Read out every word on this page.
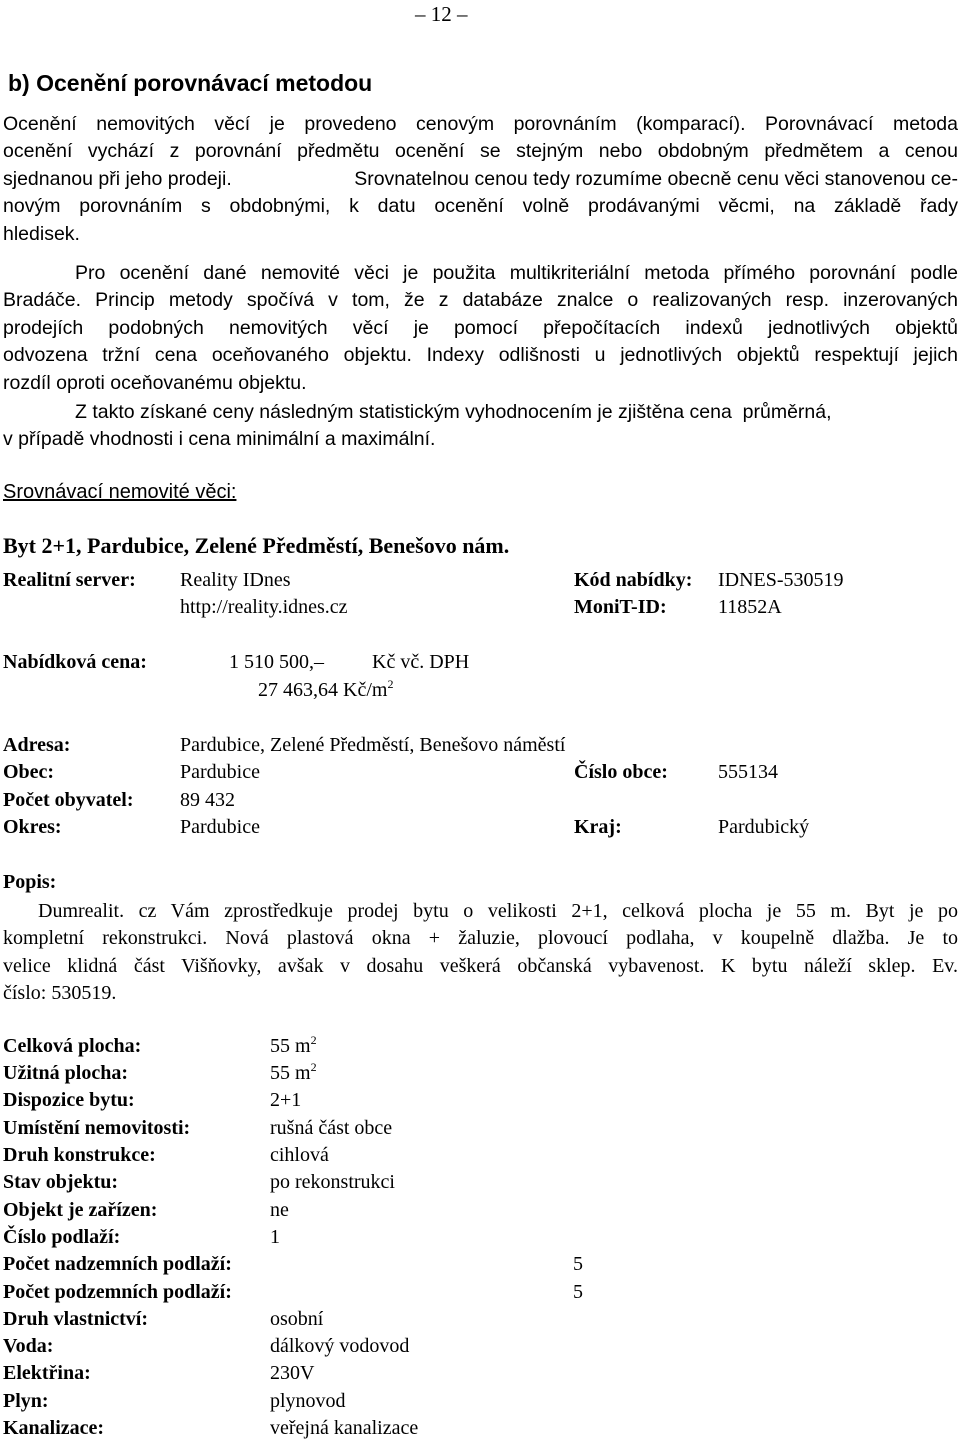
– 12 –
b) Ocenění porovnávací metodou
Ocenění nemovitých věcí je provedeno cenovým porovnáním (komparací). Porovnávací metoda
ocenění vychází z porovnání předmětu ocenění se stejným nebo obdobným předmětem a cenou
sjednanou při jeho prodeji.	Srovnatelnou cenou tedy rozumíme obecně cenu věci stanovenou ce-
novým porovnáním s obdobnými, k datu ocenění volně prodávanými věcmi, na základě řady
hledisek.
Pro ocenění dané nemovité věci je použita multikriteriální metoda přímého porovnání podle
Bradáče. Princip metody spočívá v tom, že z databáze znalce o realizovaných resp. inzerovaných
prodejích podobných nemovitých věcí je pomocí přepočítacích indexů jednotlivých objektů
odvozena tržní cena oceňovaného objektu. Indexy odlišnosti u jednotlivých objektů respektují jejich
rozdíl oproti oceňovanému objektu.
Z takto získané ceny následným statistickým vyhodnocením je zjištěna cena  průměrná,
v případě vhodnosti i cena minimální a maximální.
Srovnávací nemovité věci:
Byt 2+1, Pardubice, Zelené Předměstí, Benešovo nám.
Realitní server: Reality IDnes
http://reality.idnes.cz
Kód nabídky: IDNES-530519
MoniT-ID:	11852A
Nabídková cena:	1 510 500,– Kč vč. DPH
27 463,64 $Kč/m^2$
Adresa:	Pardubice, Zelené Předměstí, Benešovo náměstí
Obec:	Pardubice	Číslo obce:	555134
Počet obyvatel: 89 432
Okres:	Pardubice	Kraj:	Pardubický
Popis:
Dumrealit. cz Vám zprostředkuje prodej bytu o velikosti 2+1, celková plocha je 55 m. Byt je po
kompletní rekonstrukci. Nová plastová okna + žaluzie, plovoucí podlaha, v koupelně dlažba. Je to
velice klidná část Višňovky, avšak v dosahu veškerá občanská vybavenost. K bytu náleží sklep. Ev.
číslo: 530519.
Celková plocha:	55 $m^2$
Užitná plocha:	55 $m^2$
Dispozice bytu:	2+1
Umístění nemovitosti:	rušná část obce
Druh konstrukce:	cihlová
Stav objektu:	po rekonstrukci
Objekt je zařízen:	ne
Číslo podlaží:	1
Počet nadzemních podlaží:	5
Počet podzemních podlaží:	5
Druh vlastnictví:	osobní
Voda:	dálkový vodovod
Elektřina:	230V
Plyn:	plynovod
Kanalizace:	veřejná kanalizace
